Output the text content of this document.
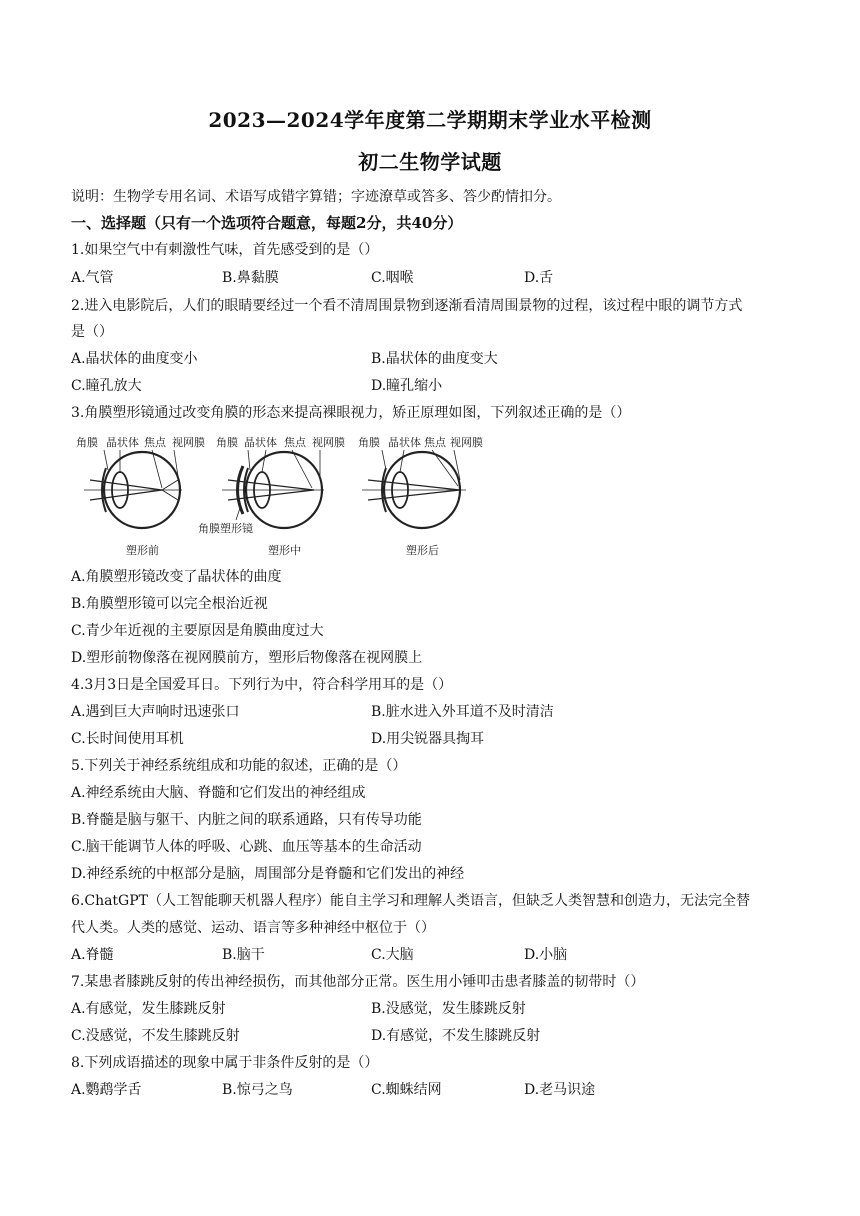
2023—2024学年度第二学期期末学业水平检测
初二生物学试题
说明：生物学专用名词、术语写成错字算错；字迹潦草或答多、答少酌情扣分。
一、选择题（只有一个选项符合题意，每题2分，共40分）
1.如果空气中有刺激性气味，首先感受到的是（）
A.气管	B.鼻黏膜	C.咽喉	D.舌
2.进入电影院后，人们的眼睛要经过一个看不清周围景物到逐渐看清周围景物的过程，该过程中眼的调节方式
是（）
A.晶状体的曲度变小	B.晶状体的曲度变大
C.瞳孔放大	D.瞳孔缩小
3.角膜塑形镜通过改变角膜的形态来提高裸眼视力，矫正原理如图，下列叙述正确的是（）
角膜 晶状体 焦点 视网膜
塑形前
角膜 晶状体 焦点 视网膜
角膜塑形镜
塑形中
角膜 晶状体 焦点 视网膜
塑形后
A.角膜塑形镜改变了晶状体的曲度
B.角膜塑形镜可以完全根治近视
C.青少年近视的主要原因是角膜曲度过大
D.塑形前物像落在视网膜前方，塑形后物像落在视网膜上
4.3月3日是全国爱耳日。下列行为中，符合科学用耳的是（）
A.遇到巨大声响时迅速张口	B.脏水进入外耳道不及时清洁
C.长时间使用耳机	D.用尖锐器具掏耳
5.下列关于神经系统组成和功能的叙述，正确的是（）
A.神经系统由大脑、脊髓和它们发出的神经组成
B.脊髓是脑与躯干、内脏之间的联系通路，只有传导功能
C.脑干能调节人体的呼吸、心跳、血压等基本的生命活动
D.神经系统的中枢部分是脑，周围部分是脊髓和它们发出的神经
6.ChatGPT（人工智能聊天机器人程序）能自主学习和理解人类语言，但缺乏人类智慧和创造力，无法完全替
代人类。人类的感觉、运动、语言等多种神经中枢位于（）
A.脊髓	B.脑干	C.大脑	D.小脑
7.某患者膝跳反射的传出神经损伤，而其他部分正常。医生用小锤叩击患者膝盖的韧带时（）
A.有感觉，发生膝跳反射	B.没感觉，发生膝跳反射
C.没感觉，不发生膝跳反射	D.有感觉，不发生膝跳反射
8.下列成语描述的现象中属于非条件反射的是（）
A.鹦鹉学舌	B.惊弓之鸟	C.蜘蛛结网	D.老马识途
